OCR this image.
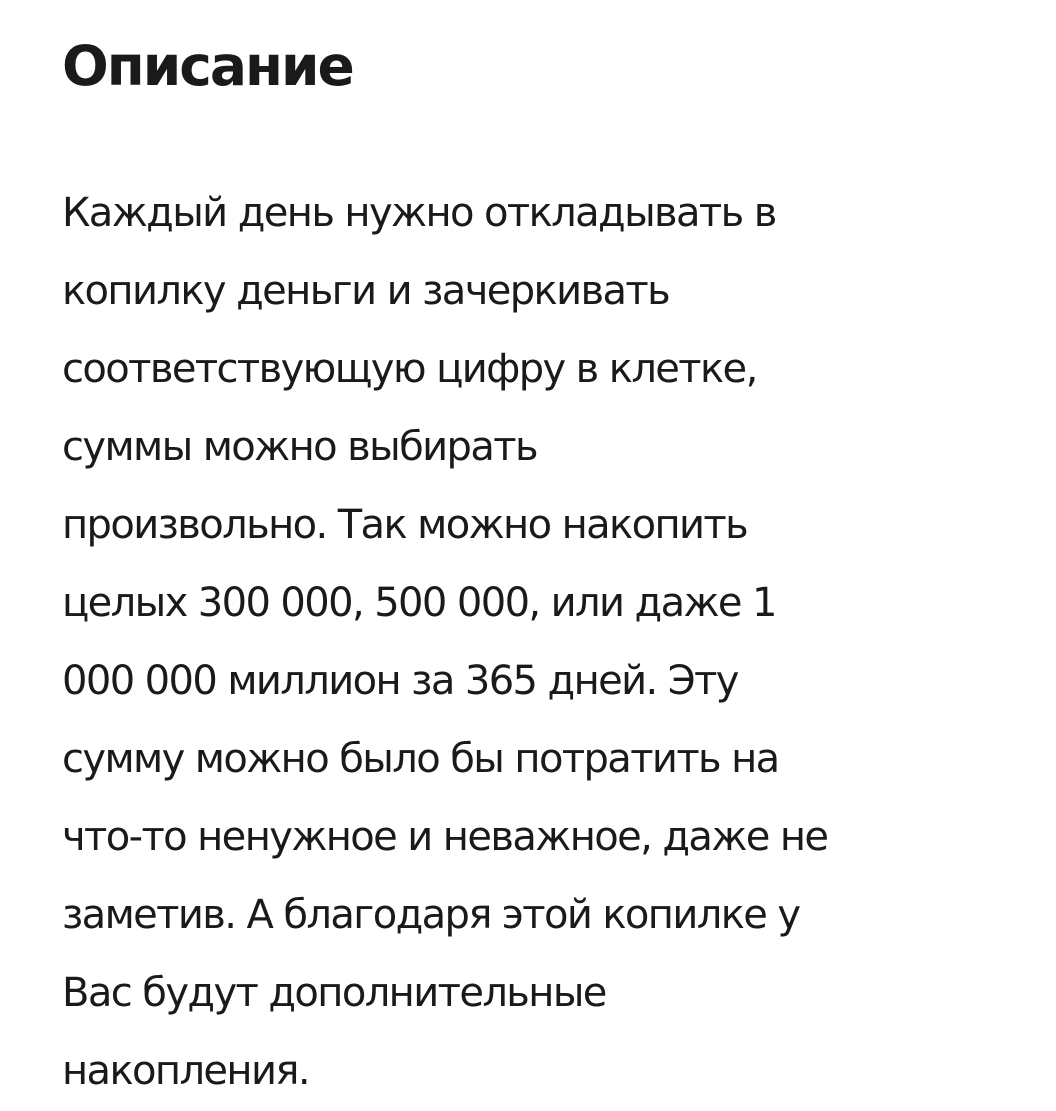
Описание
Каждый день нужно откладывать в
копилку деньги и зачеркивать
соответствующую цифру в клетке,
суммы можно выбирать
произвольно. Так можно накопить
целых 300 000, 500 000, или даже 1
000 000 миллион за 365 дней. Эту
сумму можно было бы потратить на
что-то ненужное и неважное, даже не
заметив. А благодаря этой копилке у
Вас будут дополнительные
накопления.
